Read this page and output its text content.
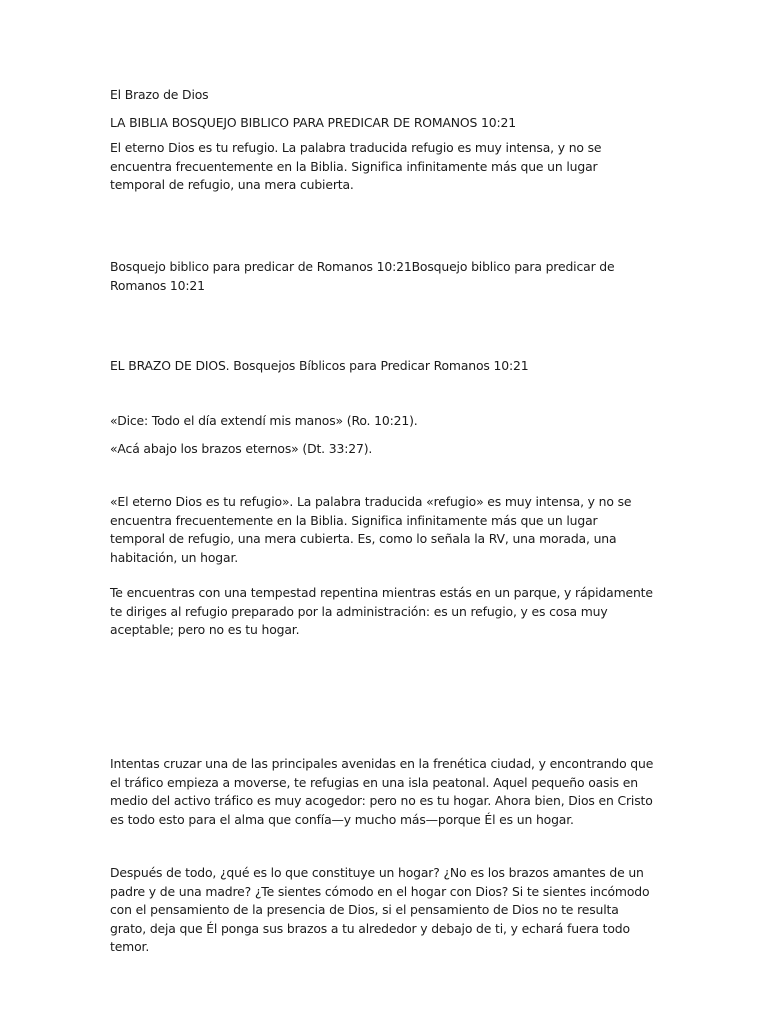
El Brazo de Dios
LA BIBLIA BOSQUEJO BIBLICO PARA PREDICAR DE ROMANOS 10:21
El eterno Dios es tu refugio. La palabra traducida refugio es muy intensa, y no se encuentra frecuentemente en la Biblia. Significa infinitamente más que un lugar temporal de refugio, una mera cubierta.
Bosquejo biblico para predicar de Romanos 10:21Bosquejo biblico para predicar de Romanos 10:21
EL BRAZO DE DIOS. Bosquejos Bíblicos para Predicar Romanos 10:21
«Dice: Todo el día extendí mis manos» (Ro. 10:21).
«Acá abajo los brazos eternos» (Dt. 33:27).
«El eterno Dios es tu refugio». La palabra traducida «refugio» es muy intensa, y no se encuentra frecuentemente en la Biblia. Significa infinitamente más que un lugar temporal de refugio, una mera cubierta. Es, como lo señala la RV, una morada, una habitación, un hogar.
Te encuentras con una tempestad repentina mientras estás en un parque, y rápidamente te diriges al refugio preparado por la administración: es un refugio, y es cosa muy aceptable; pero no es tu hogar.
Intentas cruzar una de las principales avenidas en la frenética ciudad, y encontrando que el tráfico empieza a moverse, te refugias en una isla peatonal. Aquel pequeño oasis en medio del activo tráfico es muy acogedor: pero no es tu hogar. Ahora bien, Dios en Cristo es todo esto para el alma que confía—y mucho más—porque Él es un hogar.
Después de todo, ¿qué es lo que constituye un hogar? ¿No es los brazos amantes de un padre y de una madre? ¿Te sientes cómodo en el hogar con Dios? Si te sientes incómodo con el pensamiento de la presencia de Dios, si el pensamiento de Dios no te resulta grato, deja que Él ponga sus brazos a tu alrededor y debajo de ti, y echará fuera todo temor.
